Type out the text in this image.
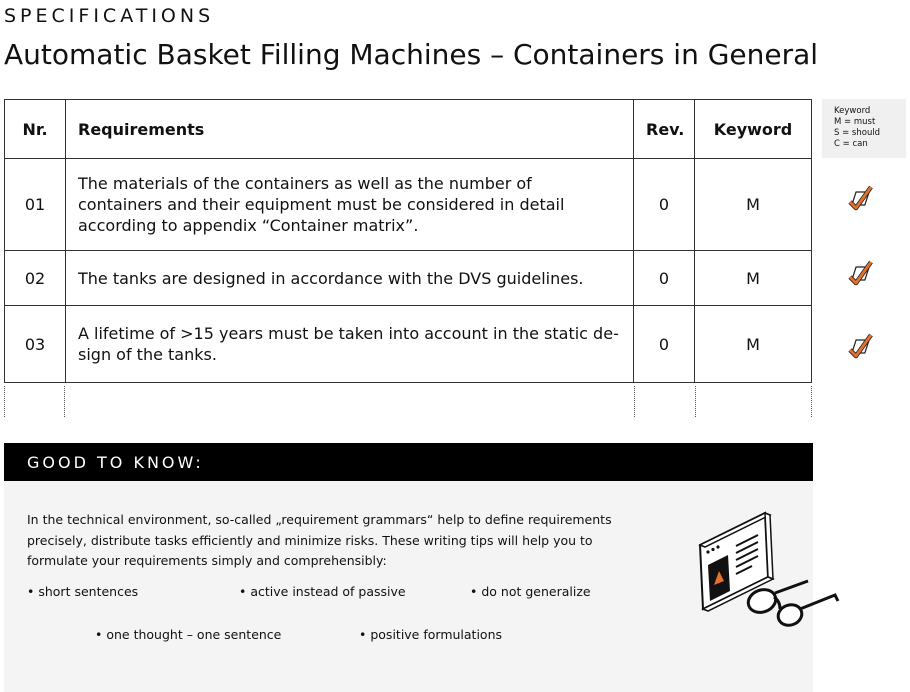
SPECIFICATIONS
Automatic Basket Filling Machines – Containers in General
Nr.	Requirements	Rev.	Keyword
01	The materials of the containers as well as the number of containers and their equipment must be considered in detail according to appendix “Container matrix”.	0	M
02	The tanks are designed in accordance with the DVS guidelines.	0	M
03	A lifetime of >15 years must be taken into account in the static design of the tanks.	0	M
Keyword
M = must
S = should
C = can
GOOD TO KNOW:
In the technical environment, so-called „requirement grammars“ help to define requirements precisely, distribute tasks efficiently and minimize risks. These writing tips will help you to formulate your requirements simply and comprehensibly:
• short sentences	• active instead of passive	• do not generalize
• one thought – one sentence	• positive formulations
